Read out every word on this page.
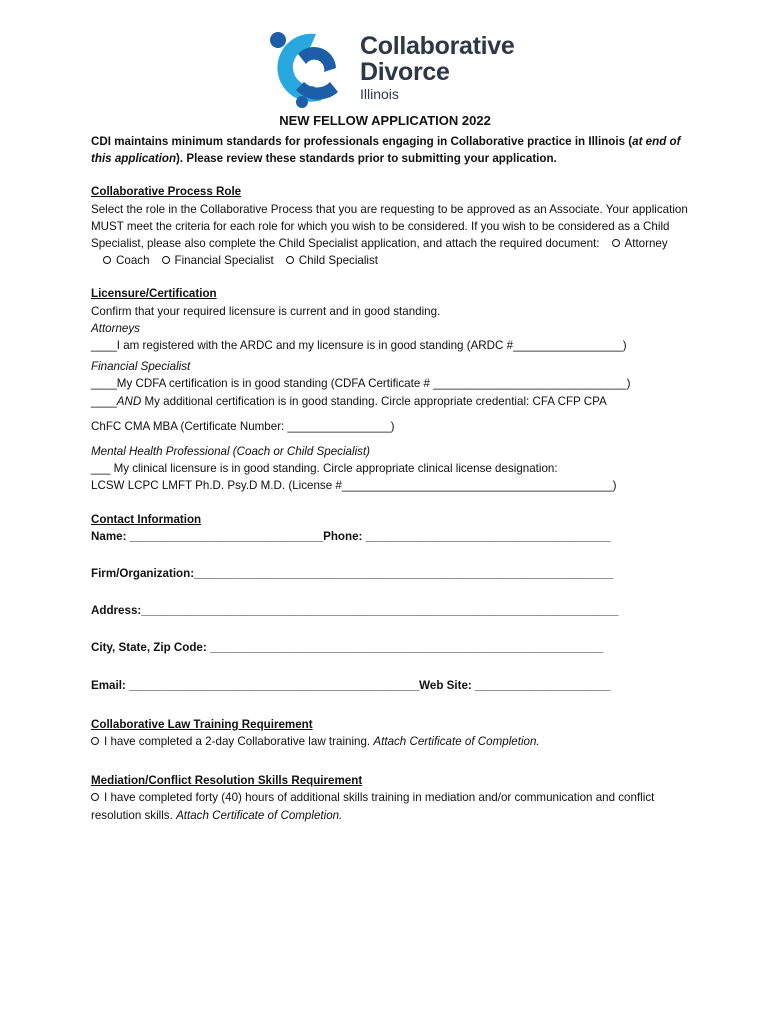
Collaborative
Divorce
Illinois
NEW FELLOW APPLICATION 2022

CDI maintains minimum standards for professionals engaging in Collaborative practice in Illinois (at end of this application). Please review these standards prior to submitting your application.

Collaborative Process Role

Select the role in the Collaborative Process that you are requesting to be approved as an Associate. Your application MUST meet the criteria for each role for which you wish to be considered. If you wish to be considered as a Child Specialist, please also complete the Child Specialist application, and attach the required document: AttorneyCoach Financial Specialist Child Specialist

Licensure/Certification

Confirm that your required licensure is current and in good standing.

Attorneys

____I am registered with the ARDC and my licensure is in good standing (ARDC #_________________)

Financial Specialist

____My CDFA certification is in good standing (CDFA Certificate # ______________________________)

____AND My additional certification is in good standing. Circle appropriate credential: CFA CFP CPA

ChFC CMA MBA (Certificate Number: ________________)

Mental Health Professional (Coach or Child Specialist)

___ My clinical licensure is in good standing. Circle appropriate clinical license designation:

LCSW LCPC LMFT Ph.D. Psy.D M.D. (License #__________________________________________)

Contact Information

Name: ______________________________Phone: ______________________________________

Firm/Organization:_________________________________________________________________

Address:__________________________________________________________________________

City, State, Zip Code: _____________________________________________________________

Email: _____________________________________________Web Site: _____________________

Collaborative Law Training Requirement

I have completed a 2-day Collaborative law training. Attach Certificate of Completion.

Mediation/Conflict Resolution Skills Requirement

I have completed forty (40) hours of additional skills training in mediation and/or communication and conflict resolution skills. Attach Certificate of Completion.
